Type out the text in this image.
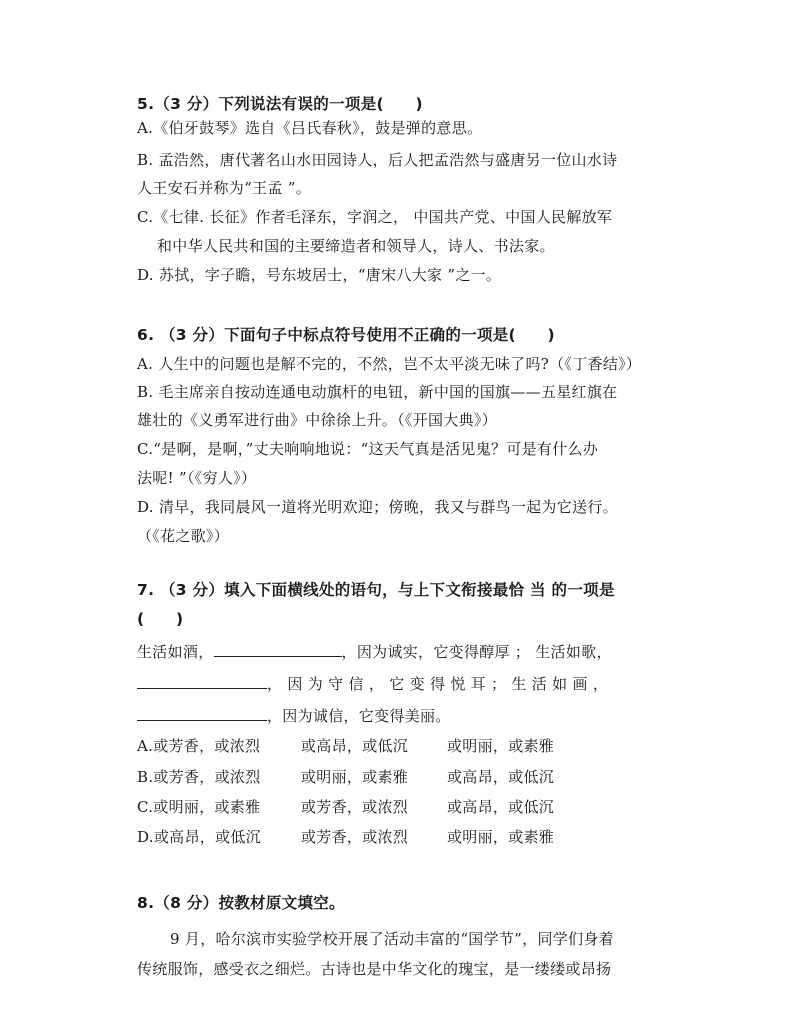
5.（3 分）下列说法有误的一项是(　　)
A.《伯牙鼓琴》选自《吕氏春秋》，鼓是弹的意思。
B. 孟浩然，唐代著名山水田园诗人，后人把孟浩然与盛唐另一位山水诗
人王安石并称为“王孟 ”。
C.《七律. 长征》作者毛泽东，字润之， 中国共产党、中国人民解放军
和中华人民共和国的主要缔造者和领导人，诗人、书法家。
D. 苏拭，字子瞻，号东坡居士，“唐宋八大家 ”之一。
6. （3 分）下面句子中标点符号使用不正确的一项是(　　)
A. 人生中的问题也是解不完的，不然，岂不太平淡无味了吗?（《丁香结》）
B. 毛主席亲自按动连通电动旗杆的电钮，新中国的国旗——五星红旗在
雄壮的《义勇军进行曲》中徐徐上升。（《开国大典》）
C.“是啊，是啊，”丈夫响响地说：“这天气真是活见鬼？可是有什么办
法呢! ”（《穷人》）
D. 清早，我同晨风一道将光明欢迎；傍晚，我又与群鸟一起为它送行。
（《花之歌》）
7. （3 分）填入下面横线处的语句，与上下文衔接最恰 当 的一项是
(　　)
生活如酒，	，因为诚实，它变得醇厚 ； 生活如歌，
， 因 为 守 信 ， 它 变 得 悦 耳 ； 生 活 如 画 ，
，因为诚信，它变得美丽。
A.或芳香，或浓烈	或高昂，或低沉	或明丽，或素雅
B.或芳香，或浓烈	或明丽，或素雅	或高昂，或低沉
C.或明丽，或素雅	或芳香，或浓烈	或高昂，或低沉
D.或高昂，或低沉	或芳香，或浓烈	或明丽，或素雅
8.（8 分）按教材原文填空。
9 月，哈尔滨市实验学校开展了活动丰富的“国学节”，同学们身着
传统服饰，感受衣之细烂。古诗也是中华文化的瑰宝，是一缕缕或昂扬
